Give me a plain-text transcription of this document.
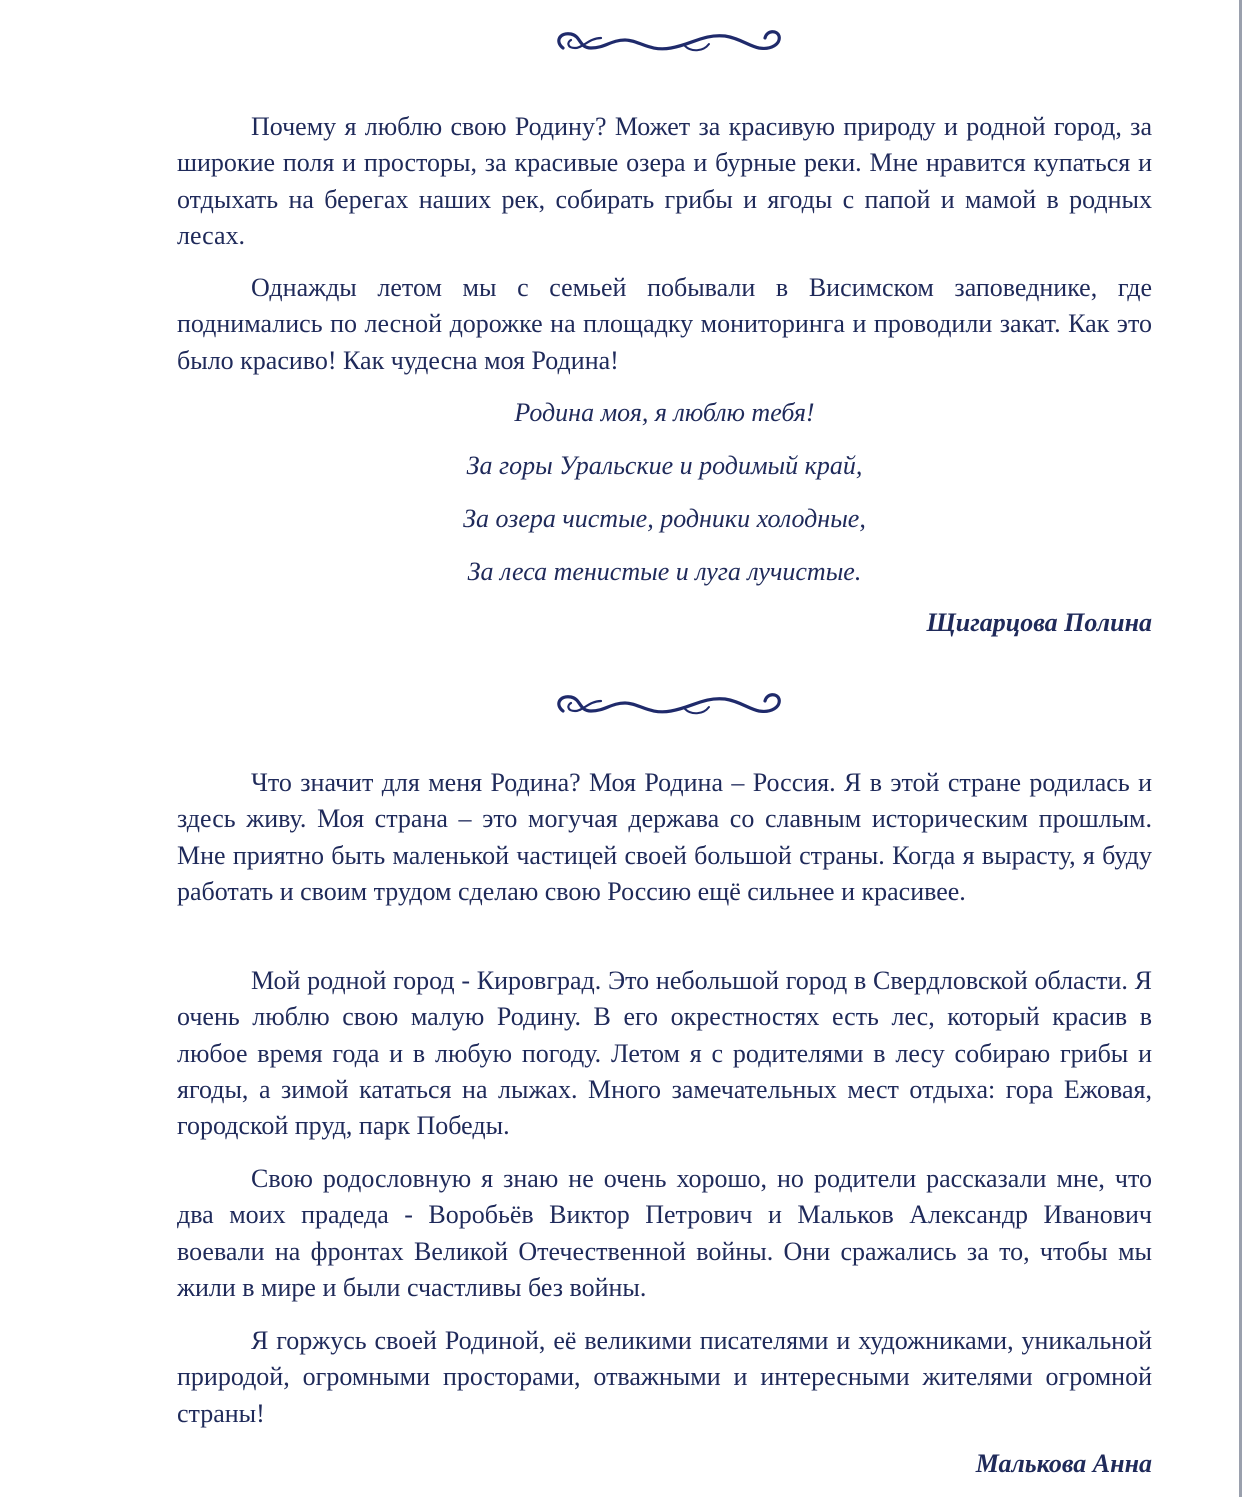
Почему я люблю свою Родину? Может за красивую природу и родной город, за широкие поля и просторы, за красивые озера и бурные реки. Мне нравится купаться и отдыхать на берегах наших рек, собирать грибы и ягоды с папой и мамой в родных лесах.

Однажды летом мы с семьей побывали в Висимском заповеднике, где поднимались по лесной дорожке на площадку мониторинга и проводили закат. Как это было красиво! Как чудесна моя Родина!

Родина моя, я люблю тебя!
За горы Уральские и родимый край,
За озера чистые, родники холодные,
За леса тенистые и луга лучистые.

Щигарцова Полина

Что значит для меня Родина? Моя Родина – Россия. Я в этой стране родилась и здесь живу. Моя страна – это могучая держава со славным историческим прошлым. Мне приятно быть маленькой частицей своей большой страны. Когда я вырасту, я буду работать и своим трудом сделаю свою Россию ещё сильнее и красивее.

Мой родной город - Кировград. Это небольшой город в Свердловской области. Я очень люблю свою малую Родину. В его окрестностях есть лес, который красив в любое время года и в любую погоду. Летом я с родителями в лесу собираю грибы и ягоды, а зимой кататься на лыжах. Много замечательных мест отдыха: гора Ежовая, городской пруд, парк Победы.

Свою родословную я знаю не очень хорошо, но родители рассказали мне, что два моих прадеда - Воробьёв Виктор Петрович и Мальков Александр Иванович воевали на фронтах Великой Отечественной войны. Они сражались за то, чтобы мы жили в мире и были счастливы без войны.

Я горжусь своей Родиной, её великими писателями и художниками, уникальной природой, огромными просторами, отважными и интересными жителями огромной страны!

Малькова Анна
